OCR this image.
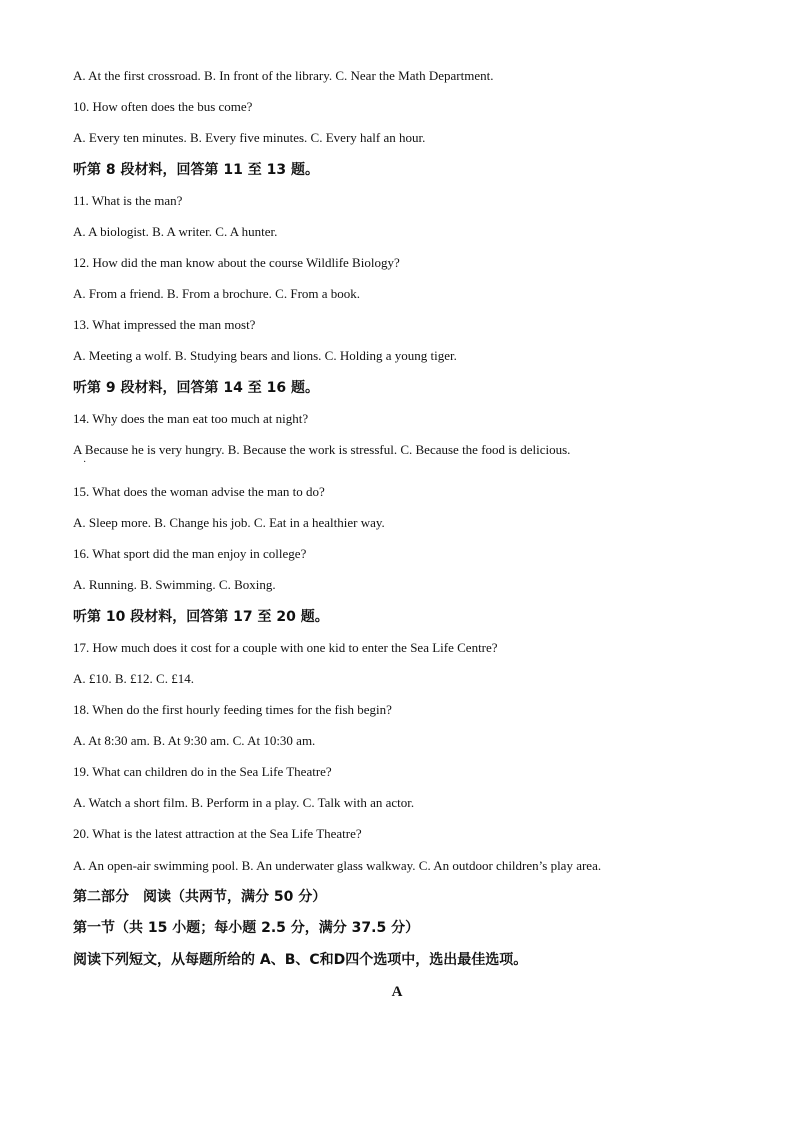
A. At the first crossroad. B. In front of the library. C. Near the Math Department.
10. How often does the bus come?
A. Every ten minutes. B. Every five minutes. C. Every half an hour.
听第 8 段材料，回答第 11 至 13 题。
11. What is the man?
A. A biologist. B. A writer. C. A hunter.
12. How did the man know about the course Wildlife Biology?
A. From a friend. B. From a brochure. C. From a book.
13. What impressed the man most?
A. Meeting a wolf. B. Studying bears and lions. C. Holding a young tiger.
听第 9 段材料，回答第 14 至 16 题。
14. Why does the man eat too much at night?
A Because he is very hungry. B. Because the work is stressful. C. Because the food is delicious.
·
15. What does the woman advise the man to do?
A. Sleep more. B. Change his job. C. Eat in a healthier way.
16. What sport did the man enjoy in college?
A. Running. B. Swimming. C. Boxing.
听第 10 段材料，回答第 17 至 20 题。
17. How much does it cost for a couple with one kid to enter the Sea Life Centre?
A. £10. B. £12. C. £14.
18. When do the first hourly feeding times for the fish begin?
A. At 8:30 am. B. At 9:30 am. C. At 10:30 am.
19. What can children do in the Sea Life Theatre?
A. Watch a short film. B. Perform in a play. C. Talk with an actor.
20. What is the latest attraction at the Sea Life Theatre?
A. An open-air swimming pool. B. An underwater glass walkway. C. An outdoor children’s play area.
第二部分　阅读（共两节，满分 50 分）
第一节（共 15 小题；每小题 2.5 分，满分 37.5 分）
阅读下列短文，从每题所给的 A、B、C和D四个选项中，选出最佳选项。
A
